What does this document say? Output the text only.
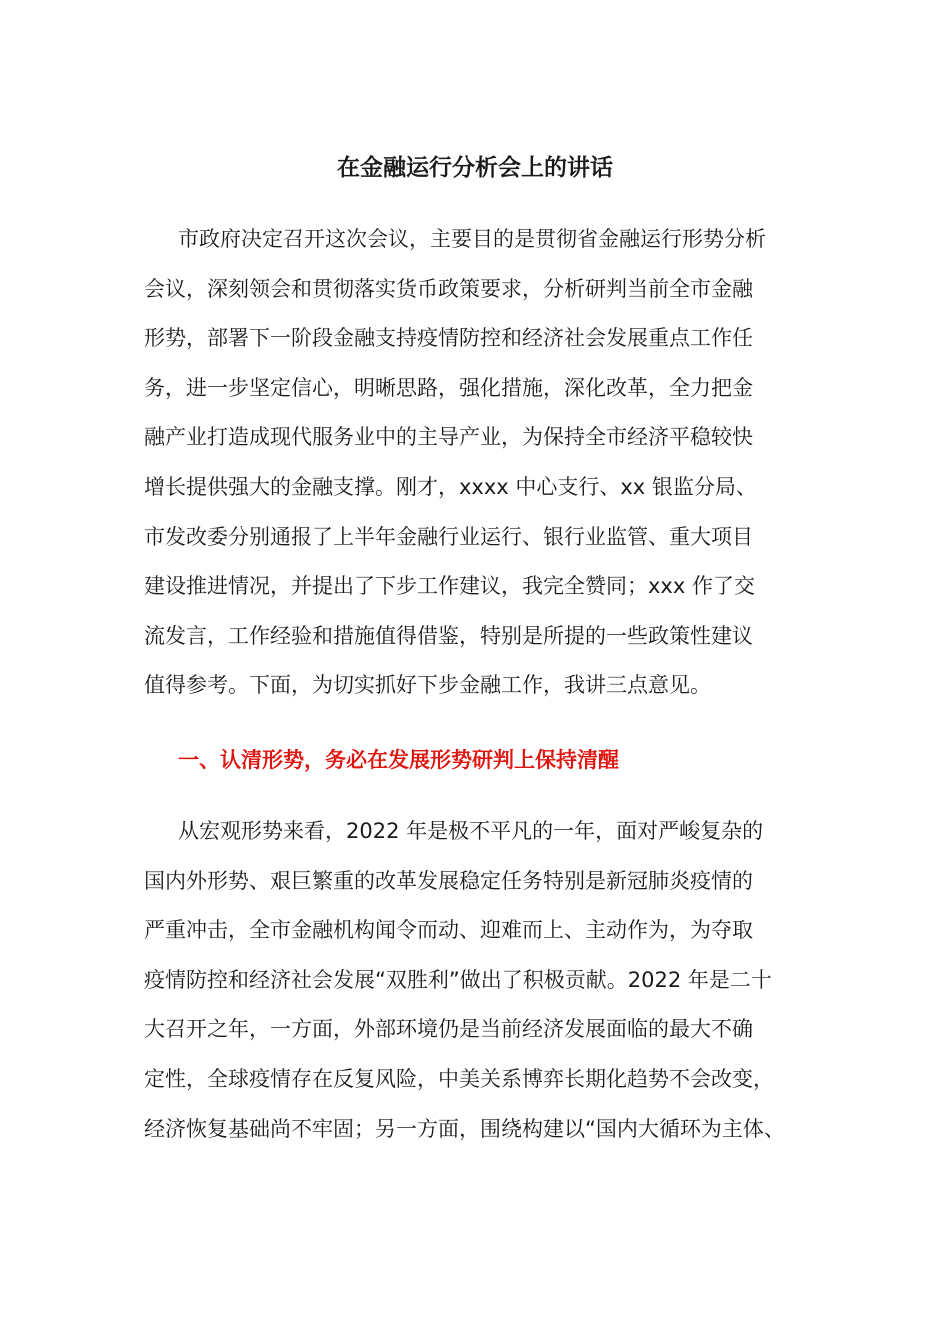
在金融运行分析会上的讲话
市政府决定召开这次会议，主要目的是贯彻省金融运行形势分析
会议，深刻领会和贯彻落实货币政策要求，分析研判当前全市金融
形势，部署下一阶段金融支持疫情防控和经济社会发展重点工作任
务，进一步坚定信心，明晰思路，强化措施，深化改革，全力把金
融产业打造成现代服务业中的主导产业，为保持全市经济平稳较快
增长提供强大的金融支撑。刚才，xxxx 中心支行、xx 银监分局、
市发改委分别通报了上半年金融行业运行、银行业监管、重大项目
建设推进情况，并提出了下步工作建议，我完全赞同；xxx 作了交
流发言，工作经验和措施值得借鉴，特别是所提的一些政策性建议
值得参考。下面，为切实抓好下步金融工作，我讲三点意见。
一、认清形势，务必在发展形势研判上保持清醒
从宏观形势来看，2022 年是极不平凡的一年，面对严峻复杂的
国内外形势、艰巨繁重的改革发展稳定任务特别是新冠肺炎疫情的
严重冲击，全市金融机构闻令而动、迎难而上、主动作为，为夺取
疫情防控和经济社会发展“双胜利”做出了积极贡献。2022 年是二十
大召开之年，一方面，外部环境仍是当前经济发展面临的最大不确
定性，全球疫情存在反复风险，中美关系博弈长期化趋势不会改变，
经济恢复基础尚不牢固；另一方面，围绕构建以“国内大循环为主体、
